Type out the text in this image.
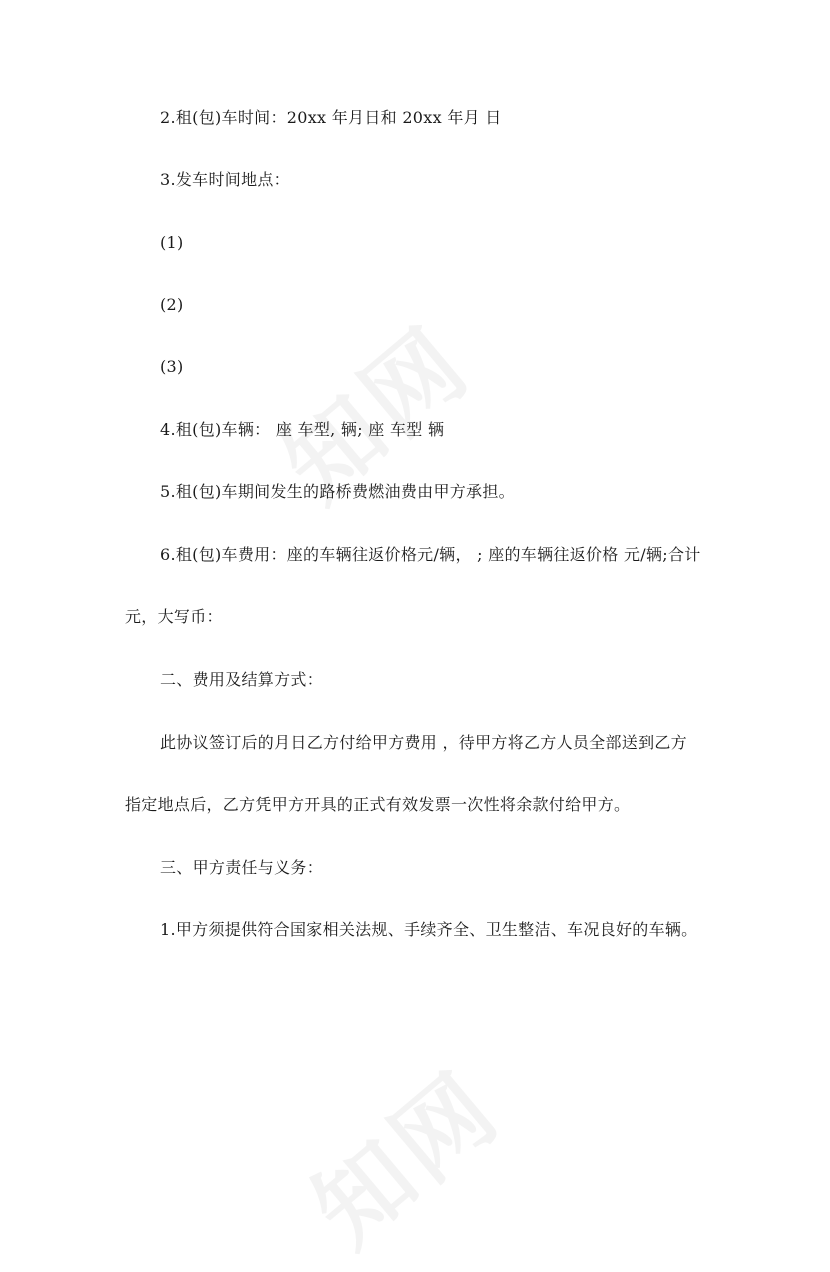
2.租(包)车时间：20xx 年月日和 20xx 年月 日
3.发车时间地点：
(1)
(2)
(3)
4.租(包)车辆： 座 车型, 辆; 座 车型 辆
5.租(包)车期间发生的路桥费燃油费由甲方承担。
6.租(包)车费用：座的车辆往返价格元/辆， ; 座的车辆往返价格 元/辆;合计
元，大写币：
二、费用及结算方式：
此协议签订后的月日乙方付给甲方费用 ，待甲方将乙方人员全部送到乙方
指定地点后，乙方凭甲方开具的正式有效发票一次性将余款付给甲方。
三、甲方责任与义务：
1.甲方须提供符合国家相关法规、手续齐全、卫生整洁、车况良好的车辆。
